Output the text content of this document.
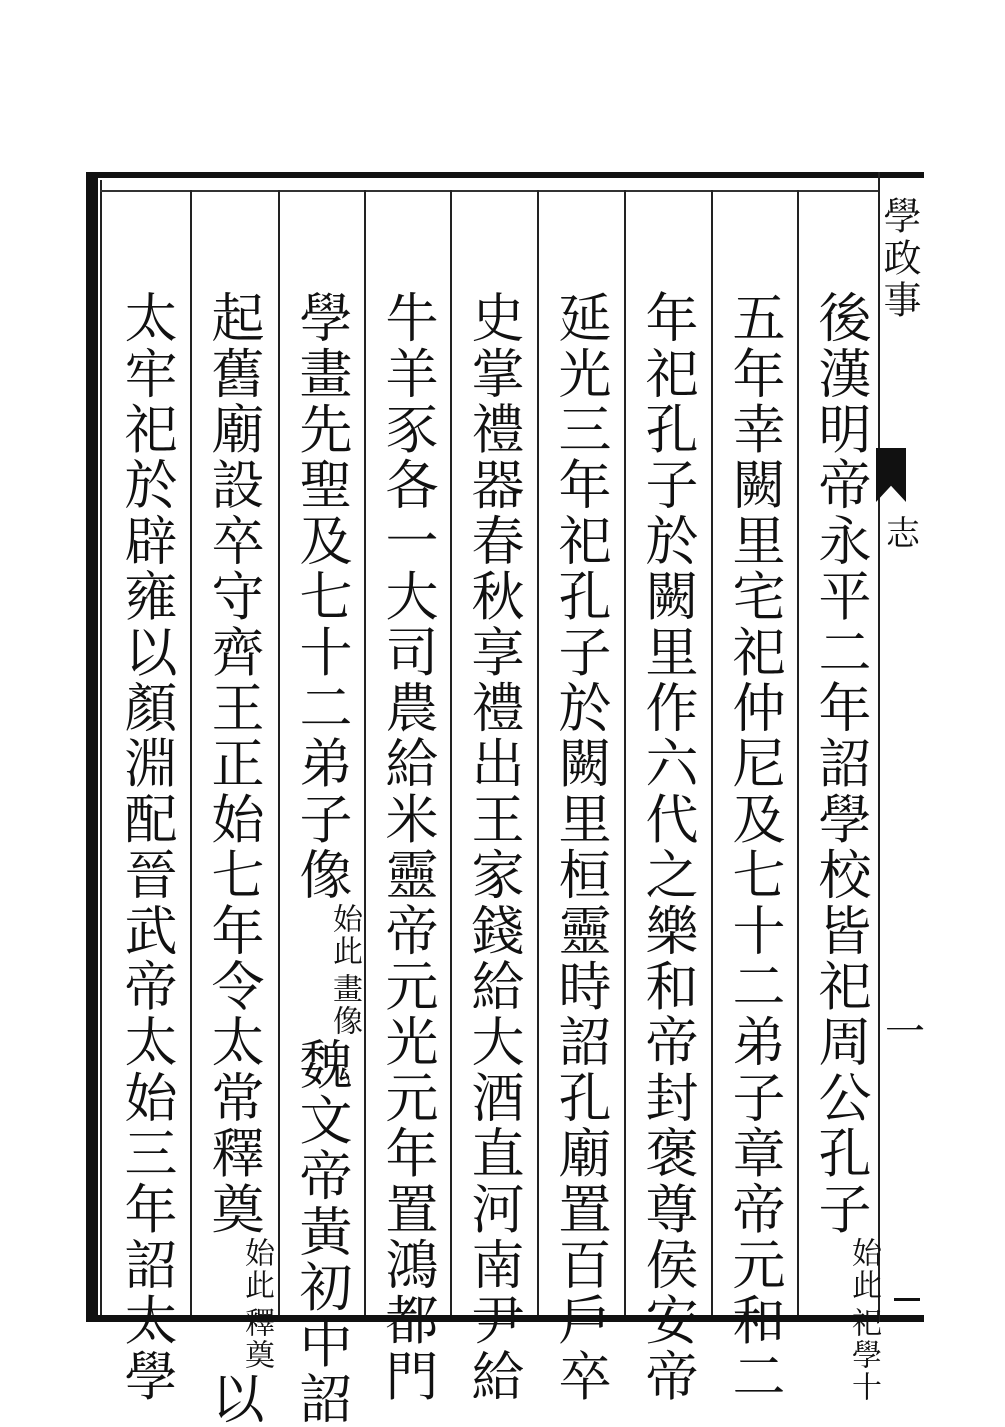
學政事
志
一
後漢明帝永平二年詔學校皆祀周公孔子
祀學十
始此
五年幸闕里宅祀仲尼及七十二弟子章帝元和二
年祀孔子於闕里作六代之樂和帝封褒尊侯安帝
延光三年祀孔子於闕里桓靈時詔孔廟置百戶卒
史掌禮器春秋享禮出王家錢給大酒直河南尹給
牛羊豕各一大司農給米靈帝元光元年置鴻都門
學畫先聖及七十二弟子像
畫像
始此
魏文帝黃初中詔
起舊廟設卒守齊王正始七年令太常釋奠
釋奠
始此
以
太牢祀於辟雍以顏淵配晉武帝太始三年詔太學
